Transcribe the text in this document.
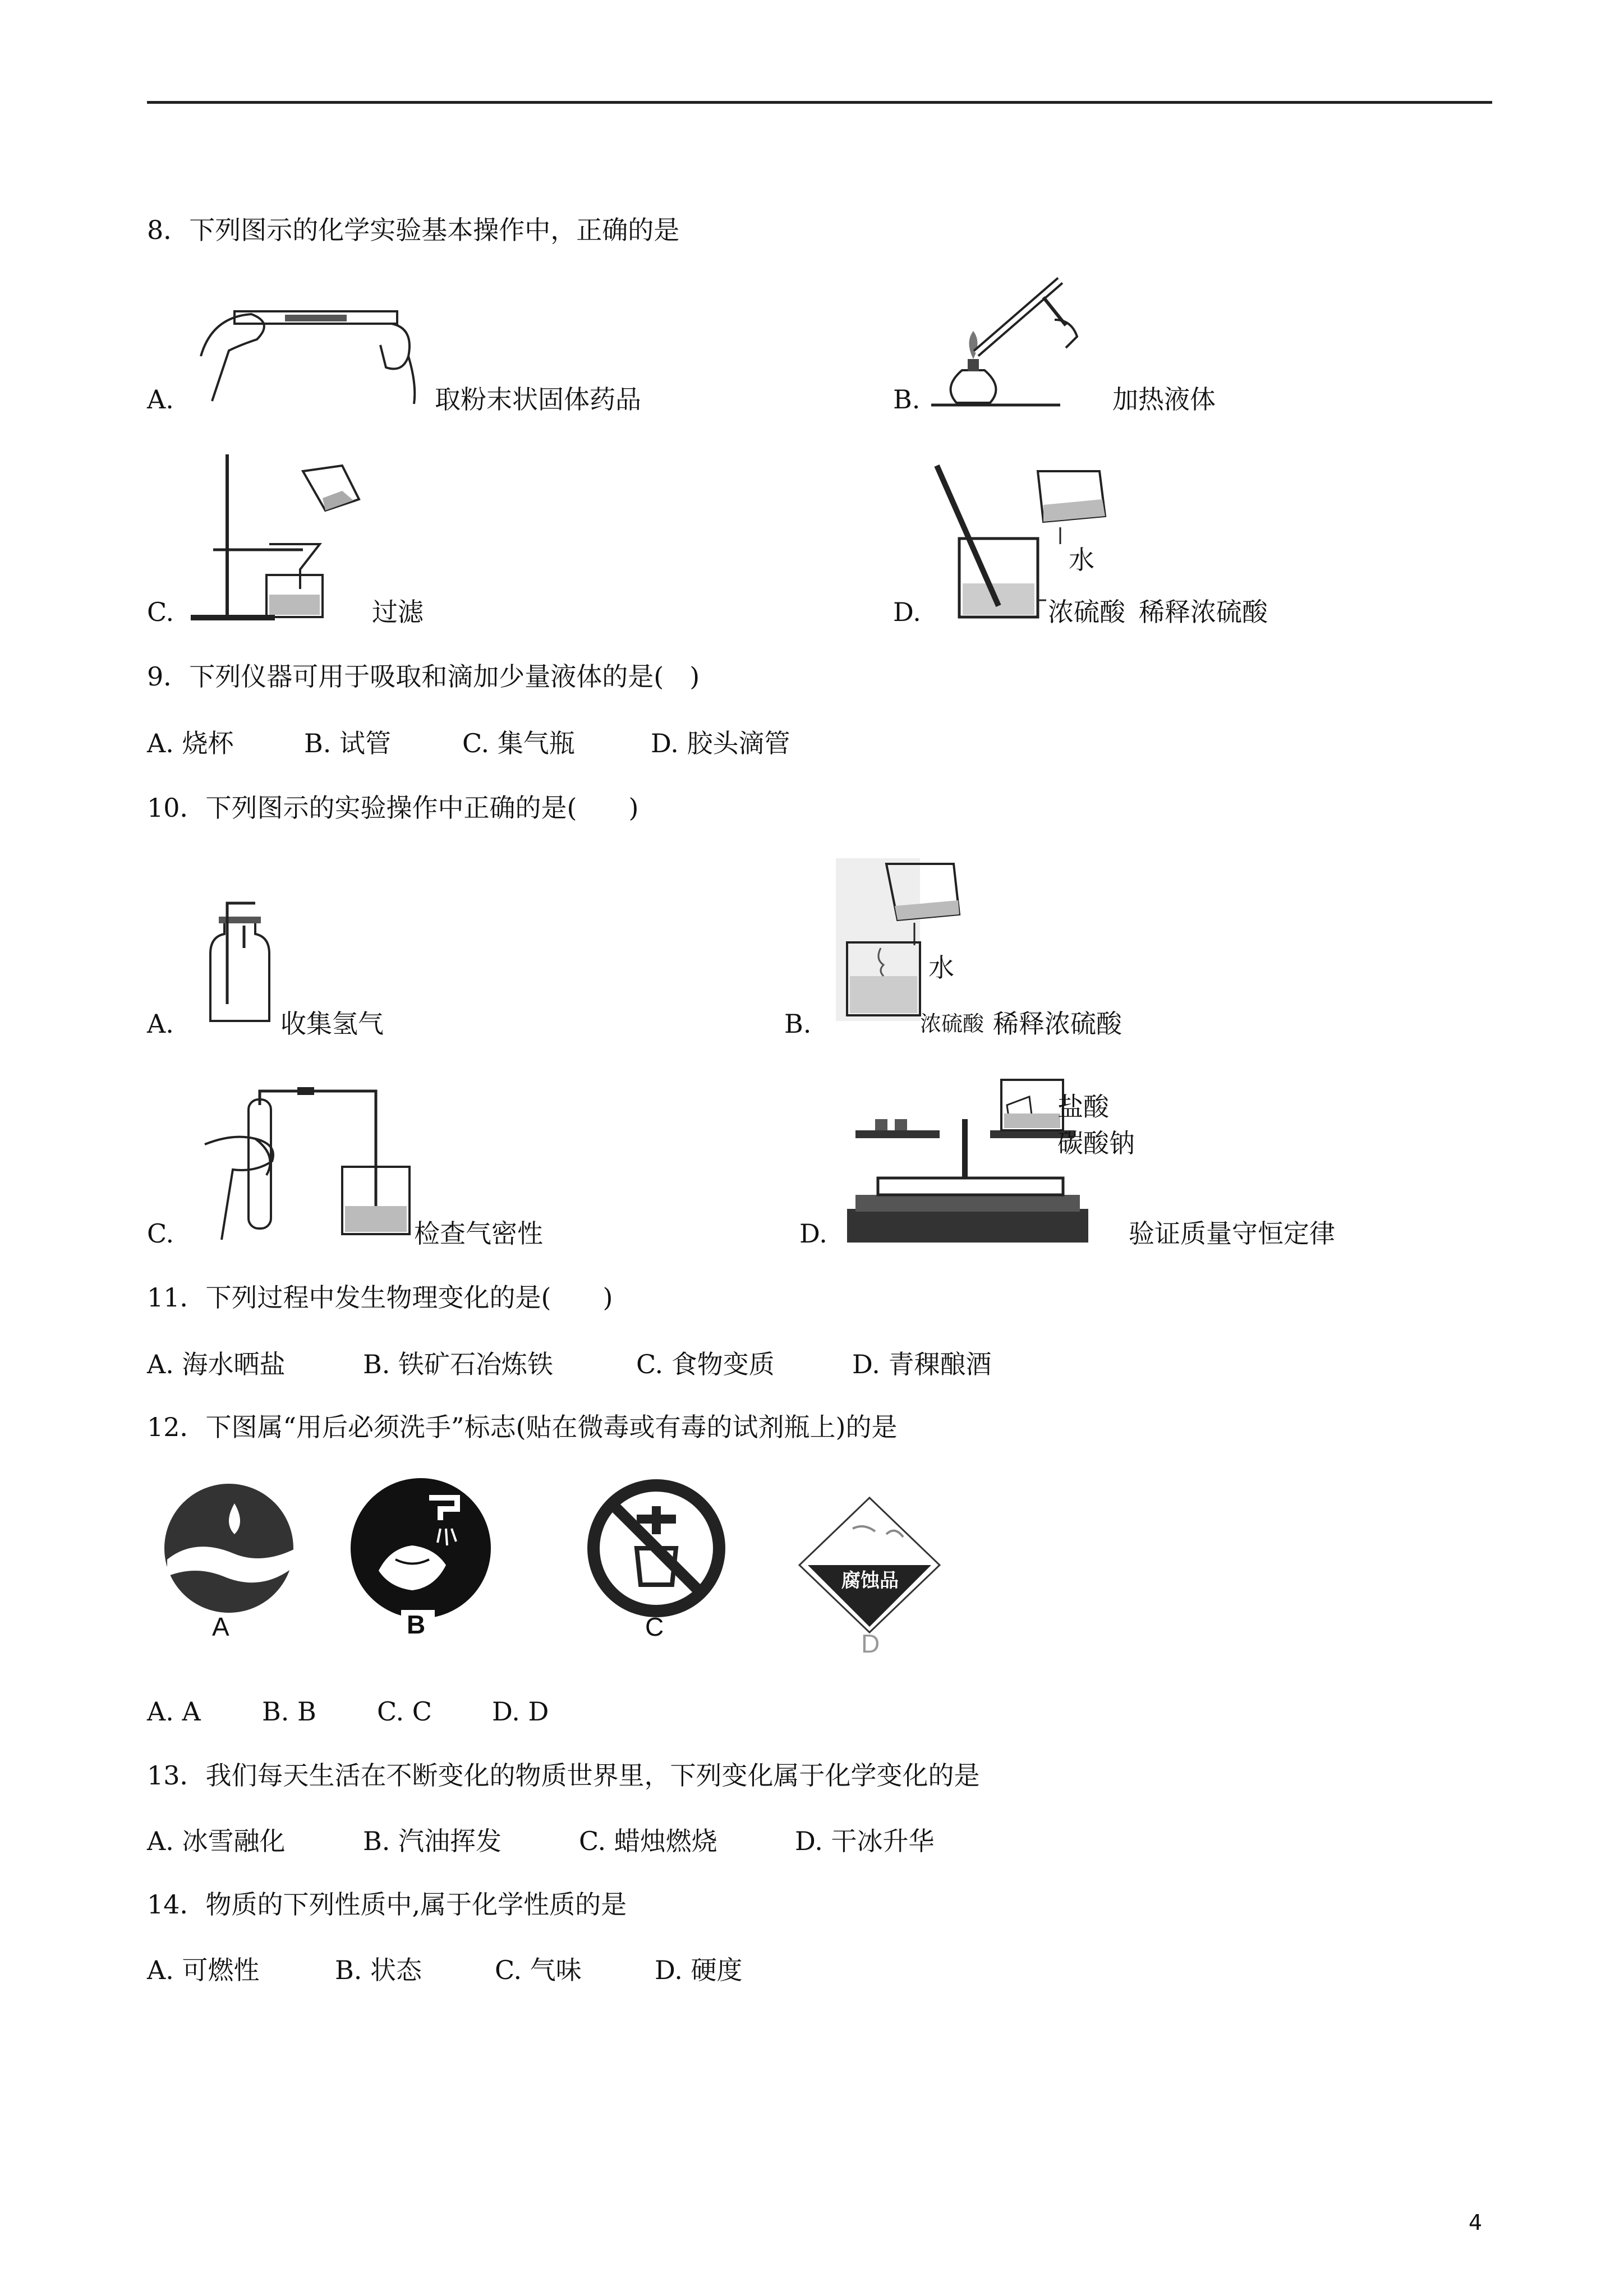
8．下列图示的化学实验基本操作中，正确的是
A.	取粉末状固体药品	B.	加热液体
C.	过滤	D.
水
浓硫酸 稀释浓硫酸
9．下列仪器可用于吸取和滴加少量液体的是(　)
A. 烧杯	B. 试管	C. 集气瓶	D. 胶头滴管
10．下列图示的实验操作中正确的是(　　)
A.	收集氢气	B.
水
浓硫酸 稀释浓硫酸
C.	检查气密性	D.
盐酸
碳酸钠
验证质量守恒定律
11．下列过程中发生物理变化的是(　　)
A. 海水晒盐	B. 铁矿石冶炼铁	C. 食物变质	D. 青稞酿酒
12．下图属“用后必须洗手”标志(贴在微毒或有毒的试剂瓶上)的是
A	B	C
腐蚀品
D
A. A B. B C. C D. D
13．我们每天生活在不断变化的物质世界里，下列变化属于化学变化的是
A. 冰雪融化	B. 汽油挥发	C. 蜡烛燃烧	D. 干冰升华
14．物质的下列性质中,属于化学性质的是
A. 可燃性	B. 状态	C. 气味	D. 硬度
4
